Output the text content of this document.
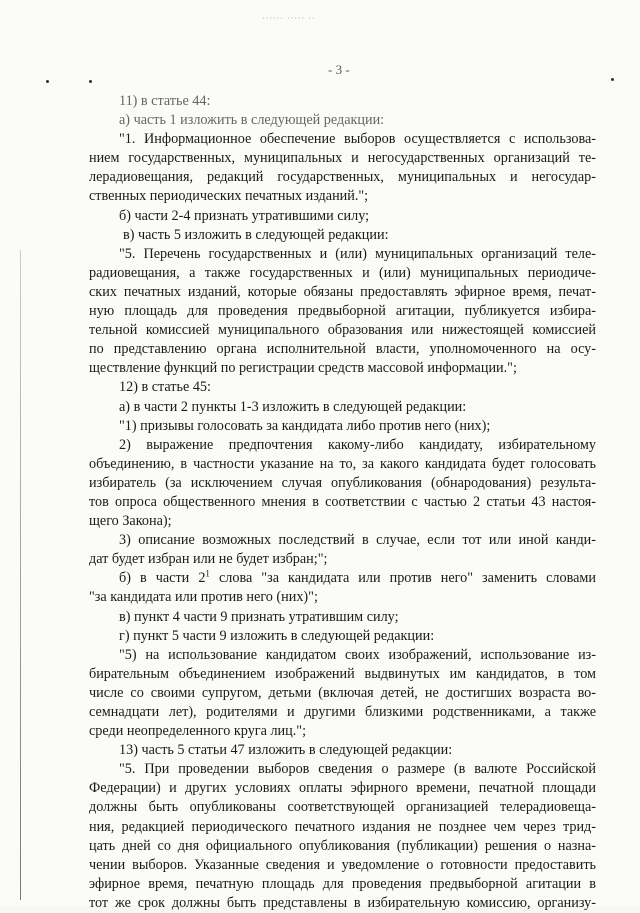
······ ····· ··
- 3 -
11) в статье 44:
а) часть 1 изложить в следующей редакции:
"1. Информационное обеспечение выборов осуществляется с использова-
нием государственных, муниципальных и негосударственных организаций те-
лерадиовещания, редакций государственных, муниципальных и негосудар-
ственных периодических печатных изданий.";
б) части 2-4 признать утратившими силу;
в) часть 5 изложить в следующей редакции:
"5. Перечень государственных и (или) муниципальных организаций теле-
радиовещания, а также государственных и (или) муниципальных периодиче-
ских печатных изданий, которые обязаны предоставлять эфирное время, печат-
ную площадь для проведения предвыборной агитации, публикуется избира-
тельной комиссией муниципального образования или нижестоящей комиссией
по представлению органа исполнительной власти, уполномоченного на осу-
ществление функций по регистрации средств массовой информации.";
12) в статье 45:
а) в части 2 пункты 1-3 изложить в следующей редакции:
"1) призывы голосовать за кандидата либо против него (них);
2) выражение предпочтения какому-либо кандидату, избирательному
объединению, в частности указание на то, за какого кандидата будет голосовать
избиратель (за исключением случая опубликования (обнародования) результа-
тов опроса общественного мнения в соответствии с частью 2 статьи 43 настоя-
щего Закона);
3) описание возможных последствий в случае, если тот или иной канди-
дат будет избран или не будет избран;";
б) в части $2^1$ слова "за кандидата или против него" заменить словами
"за кандидата или против него (них)";
в) пункт 4 части 9 признать утратившим силу;
г) пункт 5 части 9 изложить в следующей редакции:
"5) на использование кандидатом своих изображений, использование из-
бирательным объединением изображений выдвинутых им кандидатов, в том
числе со своими супругом, детьми (включая детей, не достигших возраста во-
семнадцати лет), родителями и другими близкими родственниками, а также
среди неопределенного круга лиц.";
13) часть 5 статьи 47 изложить в следующей редакции:
"5. При проведении выборов сведения о размере (в валюте Российской
Федерации) и других условиях оплаты эфирного времени, печатной площади
должны быть опубликованы соответствующей организацией телерадиовеща-
ния, редакцией периодического печатного издания не позднее чем через трид-
цать дней со дня официального опубликования (публикации) решения о назна-
чении выборов. Указанные сведения и уведомление о готовности предоставить
эфирное время, печатную площадь для проведения предвыборной агитации в
тот же срок должны быть представлены в избирательную комиссию, организу-
